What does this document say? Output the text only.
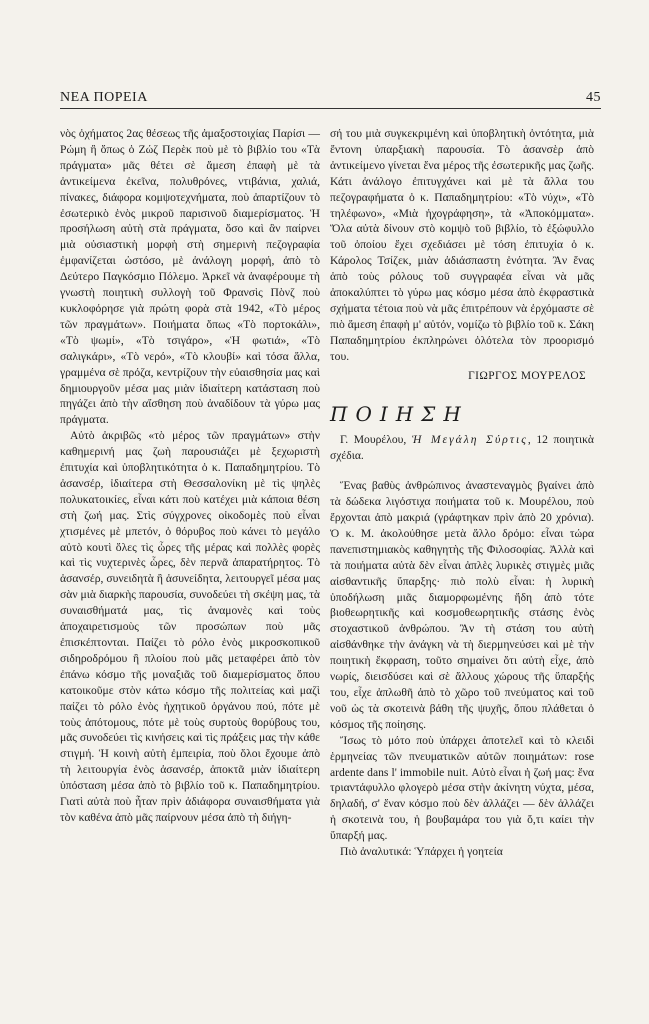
ΝΕΑ ΠΟΡΕΙΑ	45

νὸς ὀχήματος 2ας θέσεως τῆς ἁμαξοστοιχίας Παρίσι — Ρώμη ἢ ὅπως ὁ Ζώζ Περὲκ ποὺ μὲ τὸ βιβλίο του «Τὰ πράγματα» μᾶς θέτει σὲ ἄμεση ἐπαφὴ μὲ τὰ ἀντικείμενα ἐκεῖνα, πολυθρόνες, ντιβάνια, χαλιά, πίνακες, διάφορα κομψοτεχνήματα, ποὺ ἀπαρτίζουν τὸ ἐσωτερικὸ ἑνὸς μικροῦ παρισινοῦ διαμερίσματος. Ἡ προσήλωση αὐτὴ στὰ πράγματα, ὅσο καὶ ἂν παίρνει μιὰ οὐσιαστικὴ μορφὴ στὴ σημερινὴ πεζογραφία ἐμφανίζεται ὡστόσο, μὲ ἀνάλογη μορφή, ἀπὸ τὸ Δεύτερο Παγκόσμιο Πόλεμο. Ἀρκεῖ νὰ ἀναφέρουμε τὴ γνωστὴ ποιητικὴ συλλογὴ τοῦ Φρανσὶς Πὸνζ ποὺ κυκλοφόρησε γιὰ πρώτη φορὰ στὰ 1942, «Τὸ μέρος τῶν πραγμάτων». Ποιήματα ὅπως «Τὸ πορτοκάλι», «Τὸ ψωμί», «Τὸ τσιγάρο», «Ἡ φωτιά», «Τὸ σαλιγκάρι», «Τὸ νερό», «Τὸ κλουβί» καὶ τόσα ἄλλα, γραμμένα σὲ πρόζα, κεντρίζουν τὴν εὐαισθησία μας καὶ δημιουργοῦν μέσα μας μιὰν ἰδιαίτερη κατάσταση ποὺ πηγάζει ἀπὸ τὴν αἴσθηση ποὺ ἀναδίδουν τὰ γύρω μας πράγματα.

Αὐτὸ ἀκριβῶς «τὸ μέρος τῶν πραγμάτων» στὴν καθημερινή μας ζωὴ παρουσιάζει μὲ ξεχωριστὴ ἐπιτυχία καὶ ὑποβλητικότητα ὁ κ. Παπαδημητρίου. Τὸ ἀσανσέρ, ἰδιαίτερα στὴ Θεσσαλονίκη μὲ τὶς ψηλὲς πολυκατοικίες, εἶναι κάτι ποὺ κατέχει μιὰ κάποια θέση στὴ ζωή μας. Στὶς σύγχρονες οἰκοδομὲς ποὺ εἶναι χτισμένες μὲ μπετόν, ὁ θόρυβος ποὺ κάνει τὸ μεγάλο αὐτὸ κουτὶ ὅλες τὶς ὧρες τῆς μέρας καὶ πολλὲς φορὲς καὶ τὶς νυχτερινὲς ὧρες, δὲν περνᾶ ἀπαρατήρητος. Τὸ ἀσανσέρ, συνειδητὰ ἢ ἀσυνείδητα, λειτουργεῖ μέσα μας σὰν μιὰ διαρκὴς παρουσία, συνοδεύει τὴ σκέψη μας, τὰ συναισθήματά μας, τὶς ἀναμονὲς καὶ τοὺς ἀποχαιρετισμοὺς τῶν προσώπων ποὺ μᾶς ἐπισκέπτονται. Παίζει τὸ ρόλο ἑνὸς μικροσκοπικοῦ σιδηροδρόμου ἢ πλοίου ποὺ μᾶς μεταφέρει ἀπὸ τὸν ἐπάνω κόσμο τῆς μοναξιᾶς τοῦ διαμερίσματος ὅπου κατοικοῦμε στὸν κάτω κόσμο τῆς πολιτείας καὶ μαζὶ παίζει τὸ ρόλο ἑνὸς ἠχητικοῦ ὀργάνου πού, πότε μὲ τοὺς ἀπότομους, πότε μὲ τοὺς συρτοὺς θορύβους του, μᾶς συνοδεύει τὶς κινήσεις καὶ τὶς πράξεις μας τὴν κάθε στιγμή. Ἡ κοινὴ αὐτὴ ἐμπειρία, ποὺ ὅλοι ἔχουμε ἀπὸ τὴ λειτουργία ἑνὸς ἀσανσέρ, ἀποκτᾶ μιὰν ἰδιαίτερη ὑπόσταση μέσα ἀπὸ τὸ βιβλίο τοῦ κ. Παπαδημητρίου. Γιατὶ αὐτὰ ποὺ ἦταν πρὶν ἀδιάφορα συναισθήματα γιὰ τὸν καθένα ἀπὸ μᾶς παίρνουν μέσα ἀπὸ τὴ διήγη-

σή του μιὰ συγκεκριμένη καὶ ὑποβλητικὴ ὀντότητα, μιὰ ἔντονη ὑπαρξιακὴ παρουσία. Τὸ ἀσανσὲρ ἀπὸ ἀντικείμενο γίνεται ἕνα μέρος τῆς ἐσωτερικῆς μας ζωῆς. Κάτι ἀνάλογο ἐπιτυγχάνει καὶ μὲ τὰ ἄλλα του πεζογραφήματα ὁ κ. Παπαδημητρίου: «Τὸ νύχι», «Τὸ τηλέφωνο», «Μιὰ ἠχογράφηση», τὰ «Ἀποκόμματα». Ὅλα αὐτὰ δίνουν στὸ κομψὸ τοῦ βιβλίο, τὸ ἐξώφυλλο τοῦ ὁποίου ἔχει σχεδιάσει μὲ τόση ἐπιτυχία ὁ κ. Κάρολος Τσίζεκ, μιὰν ἀδιάσπαστη ἑνότητα. Ἂν ἕνας ἀπὸ τοὺς ρόλους τοῦ συγγραφέα εἶναι νὰ μᾶς ἀποκαλύπτει τὸ γύρω μας κόσμο μέσα ἀπὸ ἐκφραστικὰ σχήματα τέτοια ποὺ νὰ μᾶς ἐπιτρέπουν νὰ ἐρχόμαστε σὲ πιὸ ἄμεση ἐπαφὴ μ' αὐτόν, νομίζω τὸ βιβλίο τοῦ κ. Σάκη Παπαδημητρίου ἐκπληρώνει ὁλότελα τὸν προορισμό του.

ΓΙΩΡΓΟΣ ΜΟΥΡΕΛΟΣ
ΠΟΙΗΣΗ

Γ. Μουρέλου, Ἡ Μεγάλη Σύρτις, 12 ποιητικὰ σχέδια.

Ἕνας βαθὺς ἀνθρώπινος ἀναστεναγμὸς βγαίνει ἀπὸ τὰ δώδεκα λιγόστιχα ποιήματα τοῦ κ. Μουρέλου, ποὺ ἔρχονται ἀπὸ μακριά (γράφτηκαν πρὶν ἀπὸ 20 χρόνια). Ὁ κ. Μ. ἀκολούθησε μετὰ ἄλλο δρόμο: εἶναι τώρα πανεπιστημιακὸς καθηγητὴς τῆς Φιλοσοφίας. Ἀλλὰ καὶ τὰ ποιήματα αὐτὰ δὲν εἶναι ἁπλὲς λυρικὲς στιγμὲς μιᾶς αἰσθαντικῆς ὕπαρξης· πιὸ πολὺ εἶναι: ἡ λυρικὴ ὑποδήλωση μιᾶς διαμορφωμένης ἤδη ἀπὸ τότε βιοθεωρητικῆς καὶ κοσμοθεωρητικῆς στάσης ἑνὸς στοχαστικοῦ ἀνθρώπου. Ἂν τὴ στάση του αὐτὴ αἰσθάνθηκε τὴν ἀνάγκη νὰ τὴ διερμηνεύσει καὶ μὲ τὴν ποιητικὴ ἔκφραση, τοῦτο σημαίνει ὅτι αὐτὴ εἶχε, ἀπὸ νωρίς, διεισδύσει καὶ σὲ ἄλλους χώρους τῆς ὕπαρξής του, εἶχε ἁπλωθῆ ἀπὸ τὸ χῶρο τοῦ πνεύματος καὶ τοῦ νοῦ ὡς τὰ σκοτεινὰ βάθη τῆς ψυχῆς, ὅπου πλάθεται ὁ κόσμος τῆς ποίησης.

Ἴσως τὸ μότο ποὺ ὑπάρχει ἀποτελεῖ καὶ τὸ κλειδὶ ἑρμηνείας τῶν πνευματικῶν αὐτῶν ποιημάτων: rose ardente dans l' immobile nuit. Αὐτὸ εἶναι ἡ ζωή μας: ἕνα τριαντάφυλλο φλογερὸ μέσα στὴν ἀκίνητη νύχτα, μέσα, δηλαδή, σ' ἕναν κόσμο ποὺ δὲν ἀλλάζει — δὲν ἀλλάζει ἡ σκοτεινὰ του, ἡ βουβαμάρα του γιὰ ὅ,τι καίει τὴν ὕπαρξή μας.

Πιὸ ἀναλυτικά: Ὑπάρχει ἡ γοητεία
